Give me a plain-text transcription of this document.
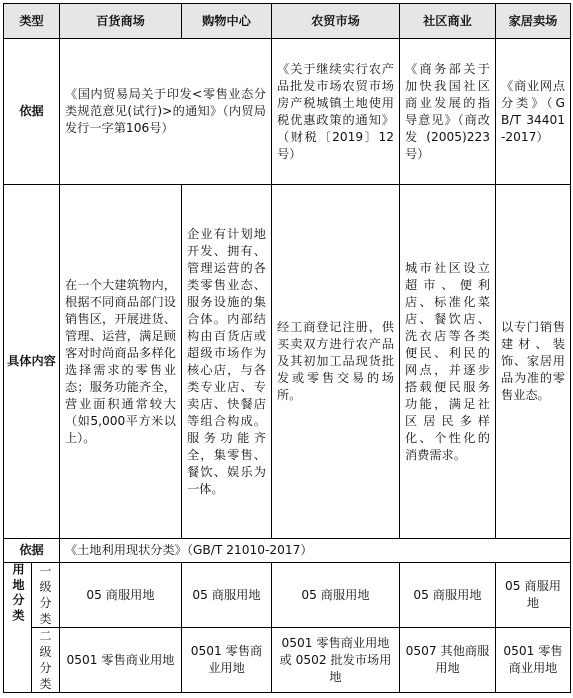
类型		百货商场	购物中心	农贸市场	社区商业	家居卖场
依据		《国内贸易局关于印发<零售业态分类规范意见(试行)>的通知》（内贸局发行一字第106号）		《关于继续实行农产品批发市场农贸市场房产税城镇土地使用税优惠政策的通知》（财税〔2019〕12号）	《商务部关于加快我国社区商业发展的指导意见》（商改发(2005)223号）	《商业网点分类》（GB/T 34401-2017）
具体内容		在一个大建筑物内，根据不同商品部门设销售区，开展进货、管理、运营，满足顾客对时尚商品多样化选择需求的零售业态；服务功能齐全，营业面积通常较大（如5,000平方米以上）。	企业有计划地开发、拥有、管理运营的各类零售业态、服务设施的集合体。内部结构由百货店或超级市场作为核心店，与各类专业店、专卖店、快餐店等组合构成。服务功能齐全，集零售、餐饮、娱乐为一体。	经工商登记注册，供买卖双方进行农产品及其初加工品现货批发或零售交易的场所。	城市社区设立超市、便利店、标准化菜店、餐饮店、洗衣店等各类便民、利民的网点，并逐步搭载便民服务功能，满足社区居民多样化、个性化的消费需求。	以专门销售建材、装饰、家居用品为准的零售业态。
依据		《土地利用现状分类》（GB/T 21010-2017）				
用地分类	一级分类	05 商服用地	05 商服用地	05 商服用地	05 商服用地	05 商服用地
	二级分类	0501 零售商业用地	0501 零售商业用地	0501 零售商业用地或 0502 批发市场用地	0507 其他商服用地	0501 零售商业用地
